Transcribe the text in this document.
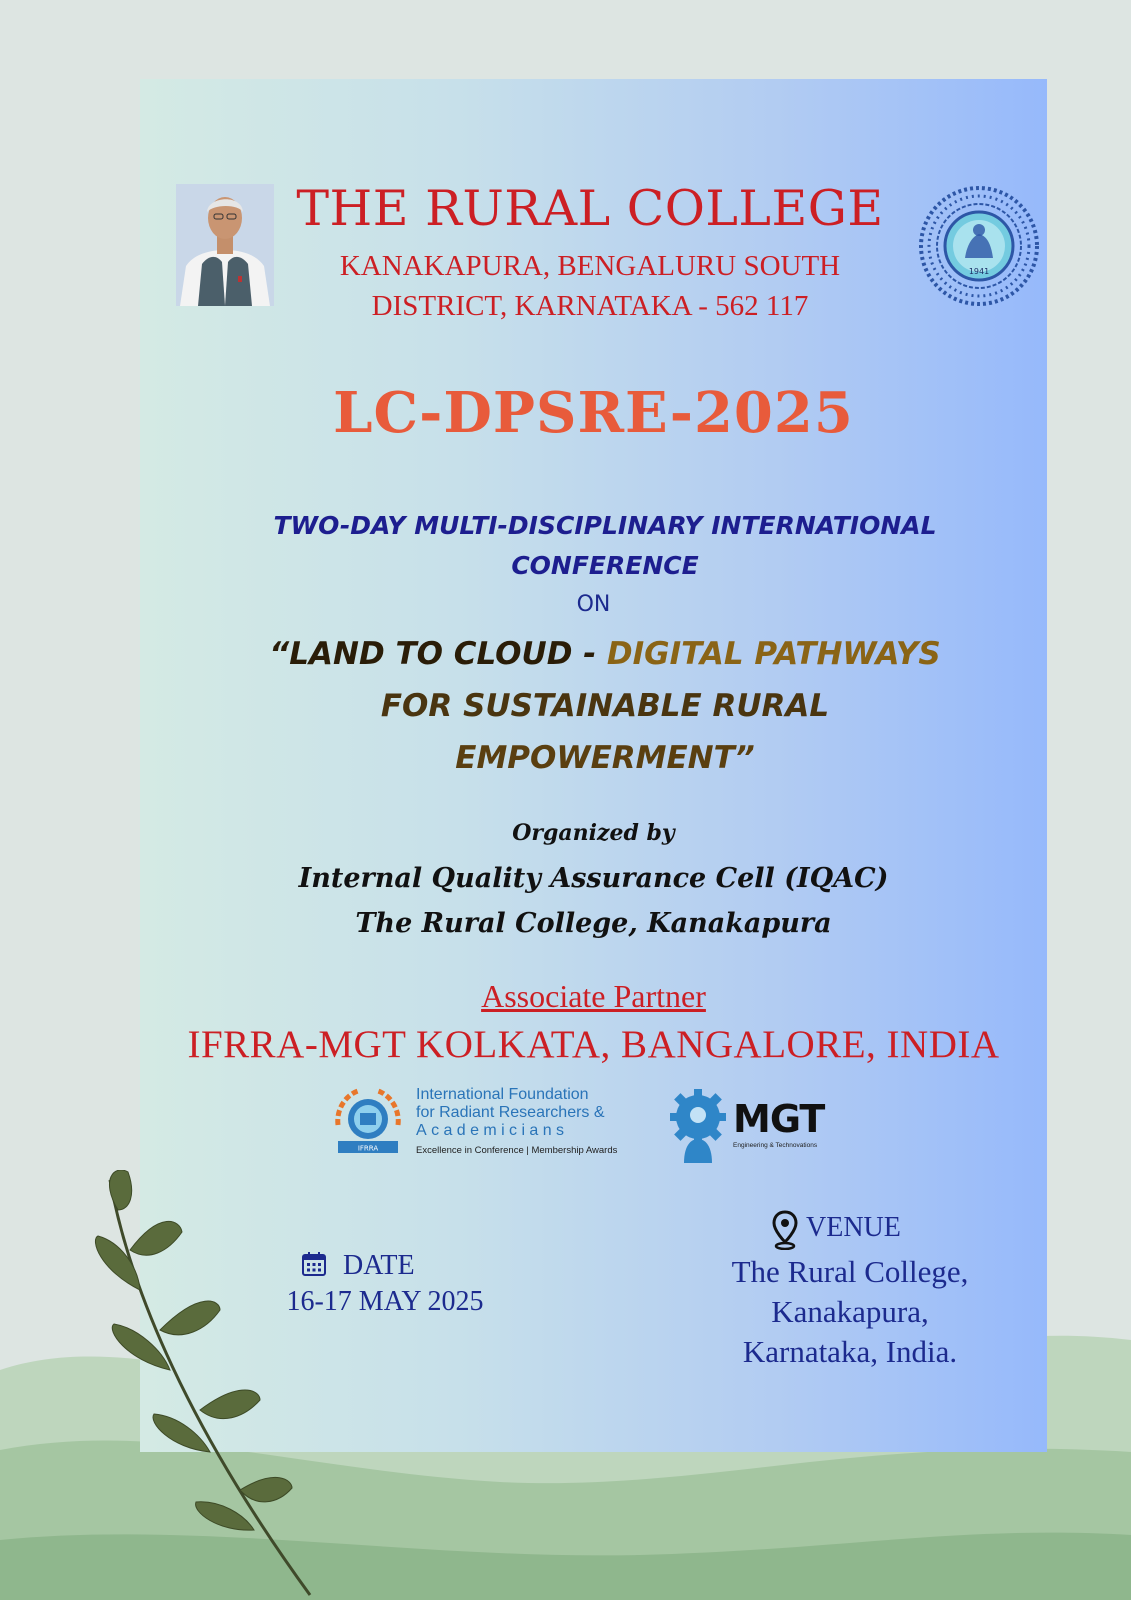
1941
THE RURAL COLLEGE
KANAKAPURA, BENGALURU SOUTH
DISTRICT, KARNATAKA - 562 117
LC-DPSRE-2025
TWO-DAY MULTI-DISCIPLINARY INTERNATIONAL
CONFERENCE
ON
“LAND TO CLOUD - DIGITAL PATHWAYS
FOR SUSTAINABLE RURAL
EMPOWERMENT”
Organized by
Internal Quality Assurance Cell (IQAC)
The Rural College, Kanakapura
Associate Partner
IFRRA-MGT KOLKATA, BANGALORE, INDIA
IFRRA
International Foundation
for Radiant Researchers &
Academicians
Excellence in Conference | Membership Awards
MGT
Engineering & Technovations
DATE
16-17 MAY 2025
VENUE
The Rural College,
Kanakapura,
Karnataka, India.
